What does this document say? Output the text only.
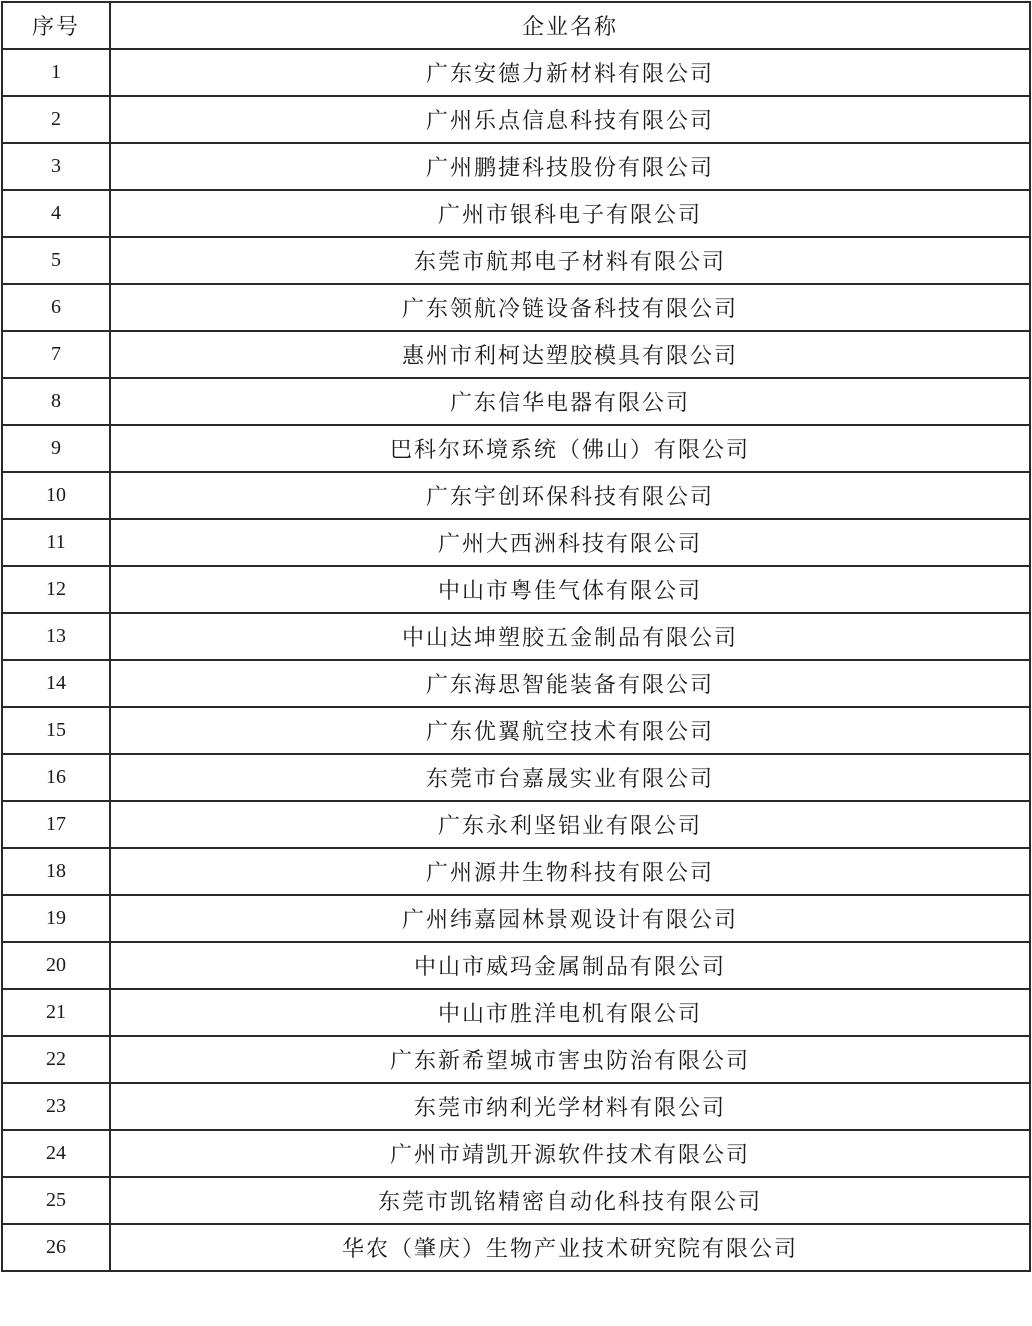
序号	企业名称
1	广东安德力新材料有限公司
2	广州乐点信息科技有限公司
3	广州鹏捷科技股份有限公司
4	广州市银科电子有限公司
5	东莞市航邦电子材料有限公司
6	广东领航冷链设备科技有限公司
7	惠州市利柯达塑胶模具有限公司
8	广东信华电器有限公司
9	巴科尔环境系统（佛山）有限公司
10	广东宇创环保科技有限公司
11	广州大西洲科技有限公司
12	中山市粤佳气体有限公司
13	中山达坤塑胶五金制品有限公司
14	广东海思智能装备有限公司
15	广东优翼航空技术有限公司
16	东莞市台嘉晟实业有限公司
17	广东永利坚铝业有限公司
18	广州源井生物科技有限公司
19	广州纬嘉园林景观设计有限公司
20	中山市威玛金属制品有限公司
21	中山市胜洋电机有限公司
22	广东新希望城市害虫防治有限公司
23	东莞市纳利光学材料有限公司
24	广州市靖凯开源软件技术有限公司
25	东莞市凯铭精密自动化科技有限公司
26	华农（肇庆）生物产业技术研究院有限公司
